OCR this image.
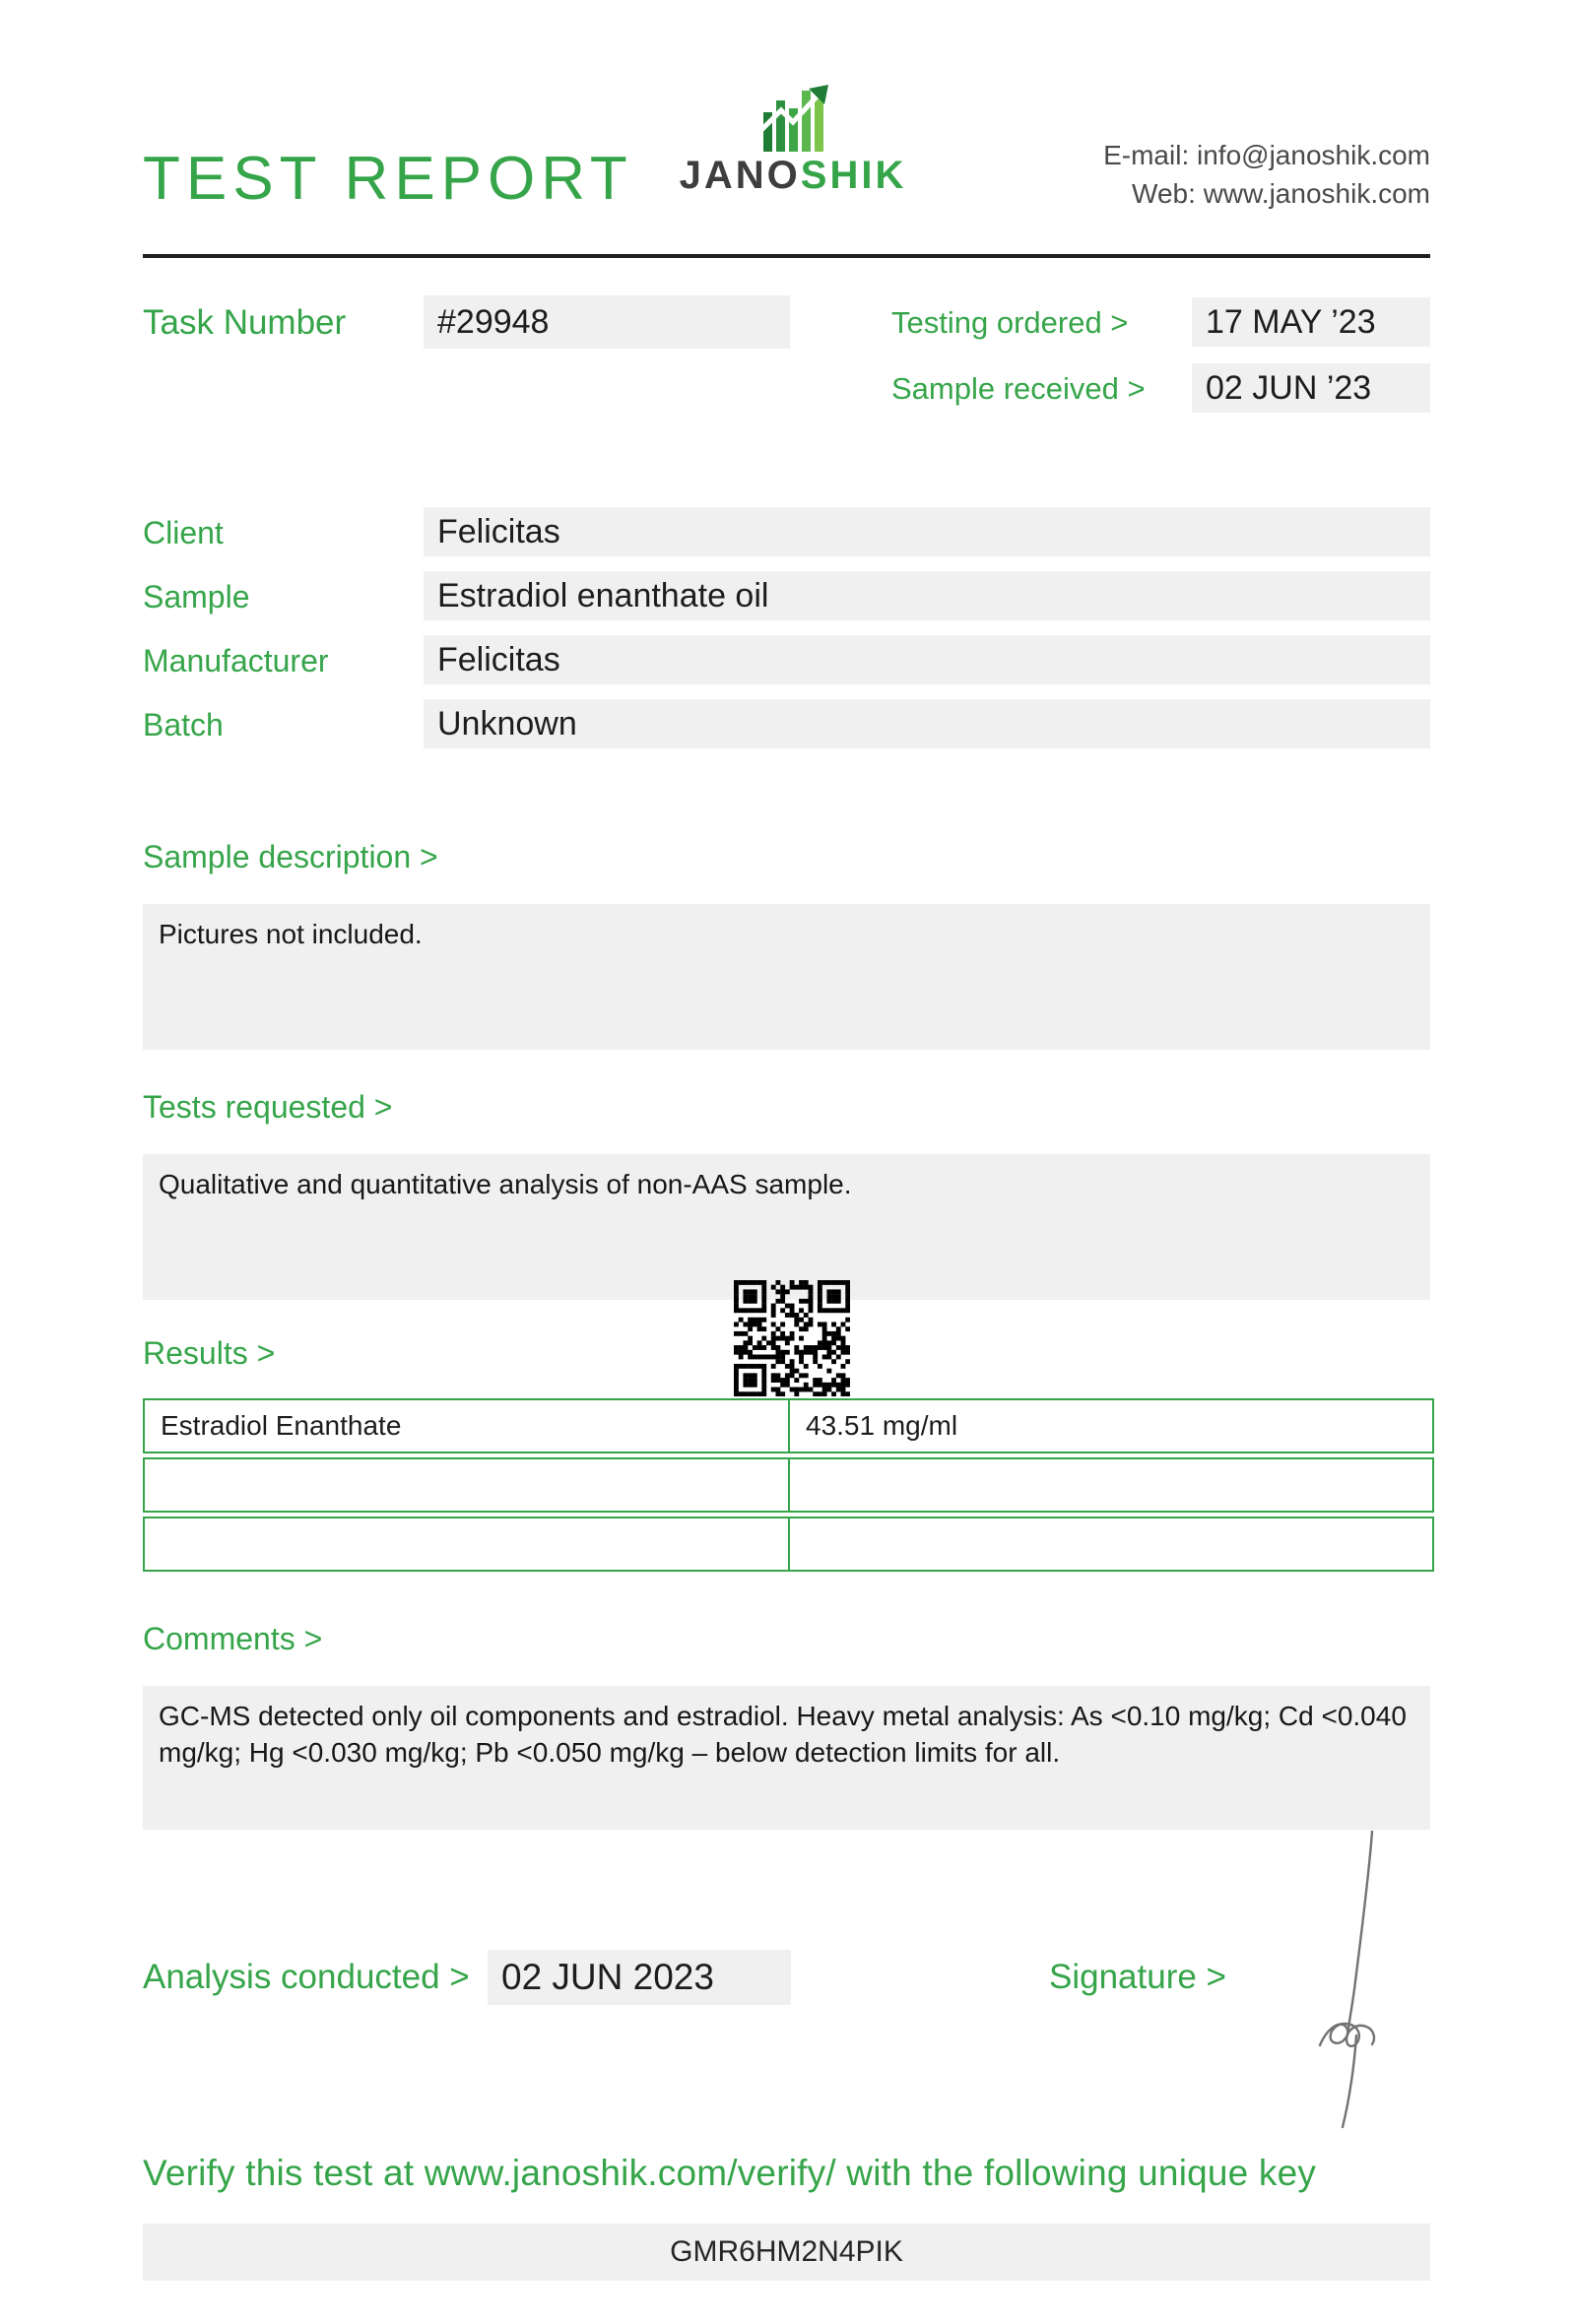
TEST REPORT JANOSHIK	E-mail: info@janoshik.com
Web: www.janoshik.com
Task Number	#29948	Testing ordered >	17 MAY ’23
Sample received >	02 JUN ’23
Client	Felicitas
Sample	Estradiol enanthate oil
Manufacturer	Felicitas
Batch	Unknown
Sample description >
Pictures not included.
Tests requested >
Qualitative and quantitative analysis of non-AAS sample.
Results >
Estradiol Enanthate	43.51 mg/ml
Comments >
GC-MS detected only oil components and estradiol. Heavy metal analysis: As <0.10 mg/kg; Cd <0.040 mg/kg; Hg <0.030 mg/kg; Pb <0.050 mg/kg – below detection limits for all.
Analysis conducted > 02 JUN 2023	Signature >
Verify this test at www.janoshik.com/verify/ with the following unique key
GMR6HM2N4PIK
